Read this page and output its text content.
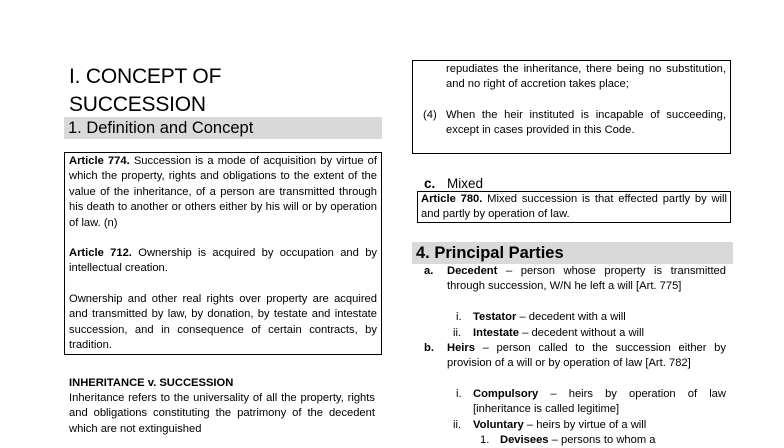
I. CONCEPT OF
SUCCESSION
1. Definition and Concept

Article 774. Succession is a mode of acquisition by virtue of which the property, rights and obligations to the extent of the value of the inheritance, of a person are transmitted through his death to another or others either by his will or by operation of law. (n)

Article 712. Ownership is acquired by occupation and by intellectual creation.

Ownership and other real rights over property are acquired and transmitted by law, by donation, by testate and intestate succession, and in consequence of certain contracts, by tradition.

INHERITANCE v. SUCCESSION
Inheritance refers to the universality of all the property, rights and obligations constituting the patrimony of the decedent which are not extinguished
repudiates the inheritance, there being no substitution, and no right of accretion takes place;
(4) When the heir instituted is incapable of succeeding, except in cases provided in this Code.
c. Mixed

Article 780. Mixed succession is that effected partly by will and partly by operation of law.

4. Principal Parties
a. Decedent – person whose property is transmitted through succession, W/N he left a will [Art. 775]
i. Testator – decedent with a will
ii. Intestate – decedent without a will
b. Heirs – person called to the succession either by provision of a will or by operation of law [Art. 782]
i. Compulsory – heirs by operation of law [inheritance is called legitime]
ii. Voluntary – heirs by virtue of a will
1. Devisees – persons to whom a
